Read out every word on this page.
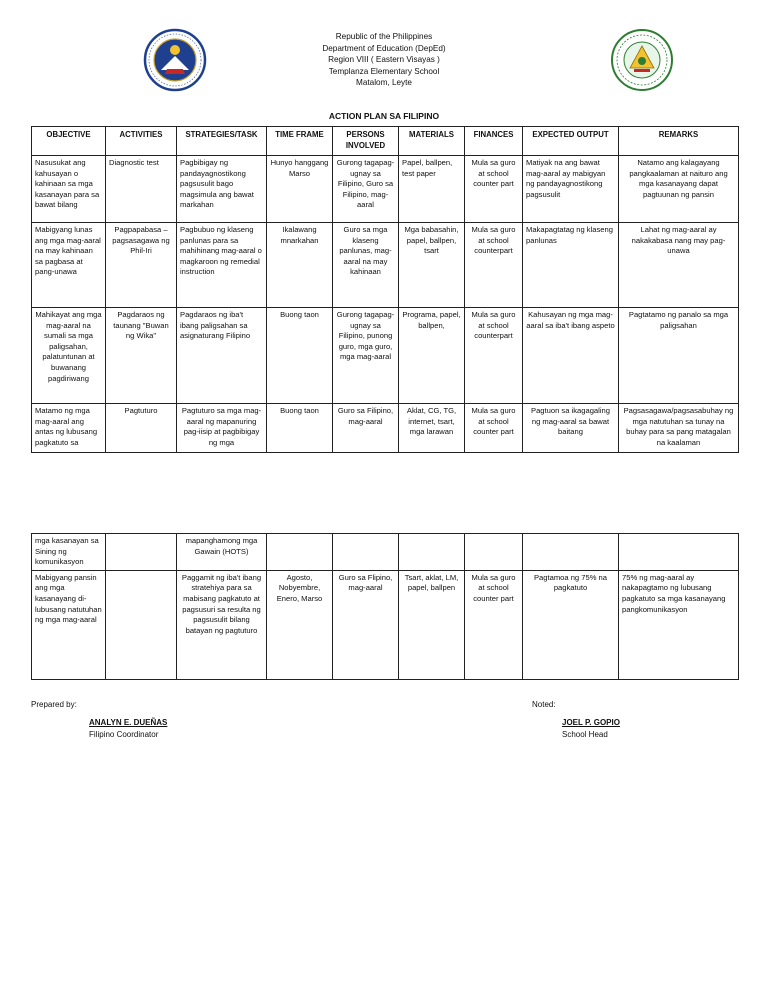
Republic of the Philippines
Department of Education (DepEd)
Region VIII ( Eastern Visayas )
Templanza Elementary School
Matalom, Leyte
ACTION PLAN SA FILIPINO
OBJECTIVE	ACTIVITIES	STRATEGIES/TASK	TIME FRAME	PERSONS INVOLVED	MATERIALS	FINANCES	EXPECTED OUTPUT	REMARKS
Nasusukat ang kahusayan o kahinaan sa mga kasanayan para sa bawat bilang	Diagnostic test	Pagbibigay ng pandayagnostikong pagsusulit bago magsimula ang bawat markahan	Hunyo hanggang Marso	Gurong tagapag-ugnay sa Filipino, Guro sa Filipino, mag-aaral	Papel, ballpen, test paper	Mula sa guro at school counter part	Matiyak na ang bawat mag-aaral ay mabigyan ng pandayagnostikong pagsusulit	Natamo ang kalagayang pangkaalaman at naituro ang mga kasanayang dapat pagtuunan ng pansin
Mabigyang lunas ang mga mag-aaral na may kahinaan sa pagbasa at pang-unawa	Pagpapabasa – pagsasagawa ng Phil-Iri	Pagbubuo ng klaseng panlunas para sa mahihinang mag-aaral o magkaroon ng remedial instruction	Ikalawang mnarkahan	Guro sa mga klaseng panlunas, mag-aaral na may kahinaan	Mga babasahin, papel, ballpen, tsart	Mula sa guro at school counterpart	Makapagtatag ng klaseng panlunas	Lahat ng mag-aaral ay nakakabasa nang may pag-unawa
Mahikayat ang mga mag-aaral na sumali sa mga paligsahan, palatuntunan at buwanang pagdiriwang	Pagdaraos ng taunang "Buwan ng Wika"	Pagdaraos ng iba't ibang paligsahan sa asignaturang Filipino	Buong taon	Gurong tagapag-ugnay sa Filipino, punong guro, mga guro, mga mag-aaral	Programa, papel, ballpen,	Mula sa guro at school counterpart	Kahusayan ng mga mag-aaral sa iba't ibang aspeto	Pagtatamo ng panalo sa mga paligsahan
Matamo ng mga mag-aaral ang antas ng lubusang pagkatuto sa	Pagtuturo	Pagtuturo sa mga mag-aaral ng mapanuring pag-iisip at pagbibigay ng mga	Buong taon	Guro sa Filipino, mag-aaral	Aklat, CG, TG, internet, tsart, mga larawan	Mula sa guro at school counter part	Pagtuon sa ikagagaling ng mag-aaral sa bawat baitang	Pagsasagawa/pagsasabuhay ng mga natutuhan sa tunay na buhay para sa pang matagalan na kaalaman
mga kasanayan sa Sining ng komunikasyon		mapanghamong mga Gawain (HOTS)						
Mabigyang pansin ang mga kasanayang di-lubusang natutuhan ng mga mag-aaral		Paggamit ng iba't ibang stratehiya para sa mabisang pagkatuto at pagsusuri sa resulta ng pagsusulit bilang batayan ng pagtuturo	Agosto, Nobyembre, Enero, Marso	Guro sa Flipino, mag-aaral	Tsart, aklat, LM, papel, ballpen	Mula sa guro at school counter part	Pagtamoa ng 75% na pagkatuto	75% ng mag-aaral ay nakapagtamo ng lubusang pagkatuto sa mga kasanayang pangkomunikasyon
Prepared by:
ANALYN E. DUEÑAS
Filipino Coordinator
Noted:
JOEL P. GOPIO
School Head
